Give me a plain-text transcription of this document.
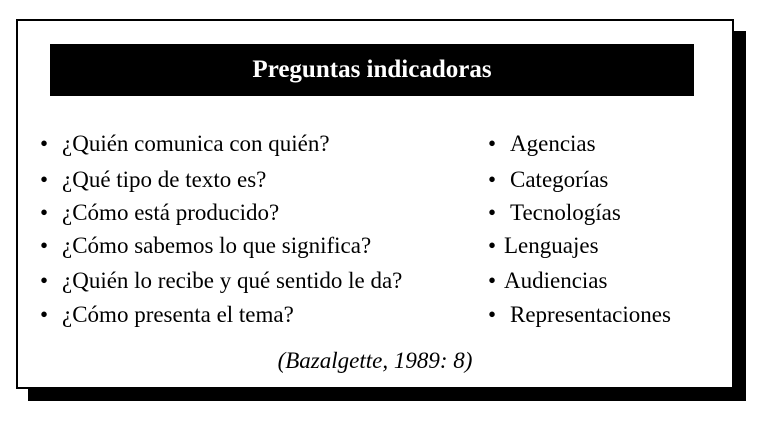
Preguntas indicadoras
• ¿Quién comunica con quién?
• ¿Qué tipo de texto es?
• ¿Cómo está producido?
• ¿Cómo sabemos lo que significa?
• ¿Quién lo recibe y qué sentido le da?
• ¿Cómo presenta el tema?
• Agencias
• Categorías
• Tecnologías
• Lenguajes
• Audiencias
• Representaciones
(Bazalgette, 1989: 8)
